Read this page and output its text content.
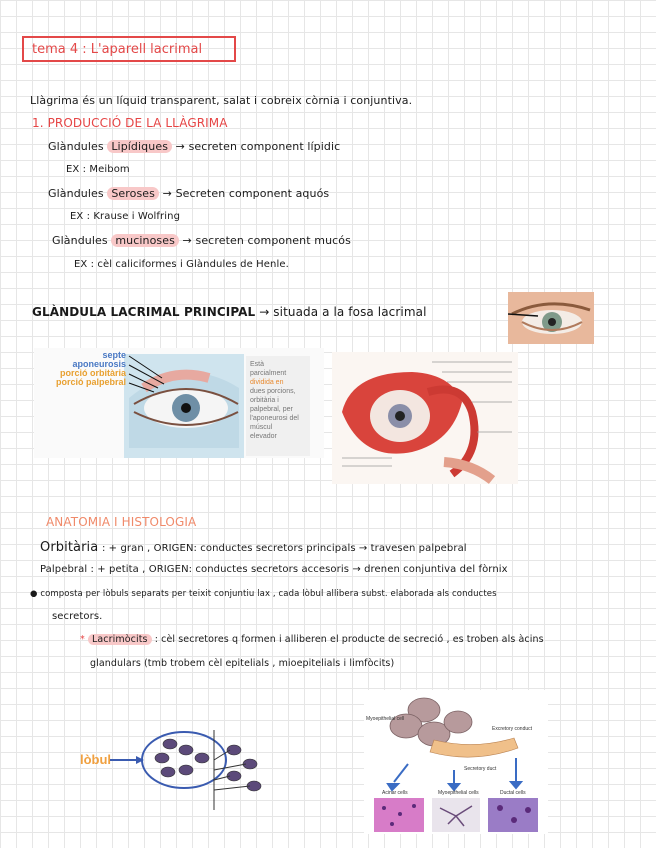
tema 4 : L'aparell lacrimal
Llàgrima és un líquid transparent, salat i cobreix còrnia i conjuntiva.
1. PRODUCCIÓ DE LA LLÀGRIMA
Glàndules Lipídiques → secreten component lípidic
EX : Meibom
Glàndules Seroses → Secreten component aquós
EX : Krause i Wolfring
Glàndules mucinoses → secreten component mucós
EX : cèl caliciformes i Glàndules de Henle.
GLÀNDULA LACRIMAL PRINCIPAL → situada a la fosa lacrimal
septe
aponeurosis
porció orbitària
porció palpebral
Està
parcialment
dividida en
dues porcions,
orbitària i
palpebral, per
l'aponeurosi del
múscul
elevador
ANATOMIA I HISTOLOGIA
Orbitària : + gran , ORIGEN: conductes secretors principals → travesen palpebral
Palpebral : + petita , ORIGEN: conductes secretors accesoris → drenen conjuntiva del fòrnix
● composta per lòbuls separats per teixit conjuntiu lax , cada lòbul allibera subst. elaborada als conductes
secretors.
* Lacrimòcits : cèl secretores q formen i alliberen el producte de secreció , es troben als àcins
glandulars (tmb trobem cèl epitelials , mioepitelials i limfòcits)
lòbul
Myoepithelial cell
Excretory conduct
Secretory duct
Acinar cells	Myoepithelial cells	Ductal cells
